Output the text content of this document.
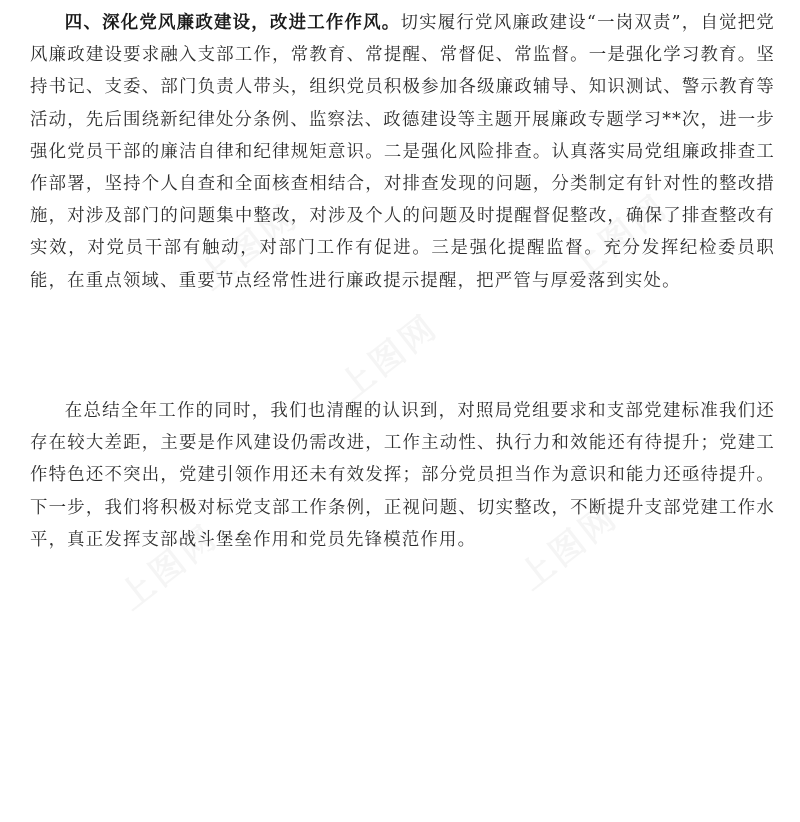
上图网	上图网
上图网
上图网	上图网

四、深化党风廉政建设，改进工作作风。切实履行党风廉政建设“一岗双责”，自觉把党风廉政建设要求融入支部工作，常教育、常提醒、常督促、常监督。一是强化学习教育。坚持书记、支委、部门负责人带头，组织党员积极参加各级廉政辅导、知识测试、警示教育等活动，先后围绕新纪律处分条例、监察法、政德建设等主题开展廉政专题学习**次，进一步强化党员干部的廉洁自律和纪律规矩意识。二是强化风险排查。认真落实局党组廉政排查工作部署，坚持个人自查和全面核查相结合，对排查发现的问题，分类制定有针对性的整改措施，对涉及部门的问题集中整改，对涉及个人的问题及时提醒督促整改，确保了排查整改有实效，对党员干部有触动，对部门工作有促进。三是强化提醒监督。充分发挥纪检委员职能，在重点领域、重要节点经常性进行廉政提示提醒，把严管与厚爱落到实处。

在总结全年工作的同时，我们也清醒的认识到，对照局党组要求和支部党建标准我们还存在较大差距，主要是作风建设仍需改进，工作主动性、执行力和效能还有待提升；党建工作特色还不突出，党建引领作用还未有效发挥；部分党员担当作为意识和能力还亟待提升。下一步，我们将积极对标党支部工作条例，正视问题、切实整改，不断提升支部党建工作水平，真正发挥支部战斗堡垒作用和党员先锋模范作用。
